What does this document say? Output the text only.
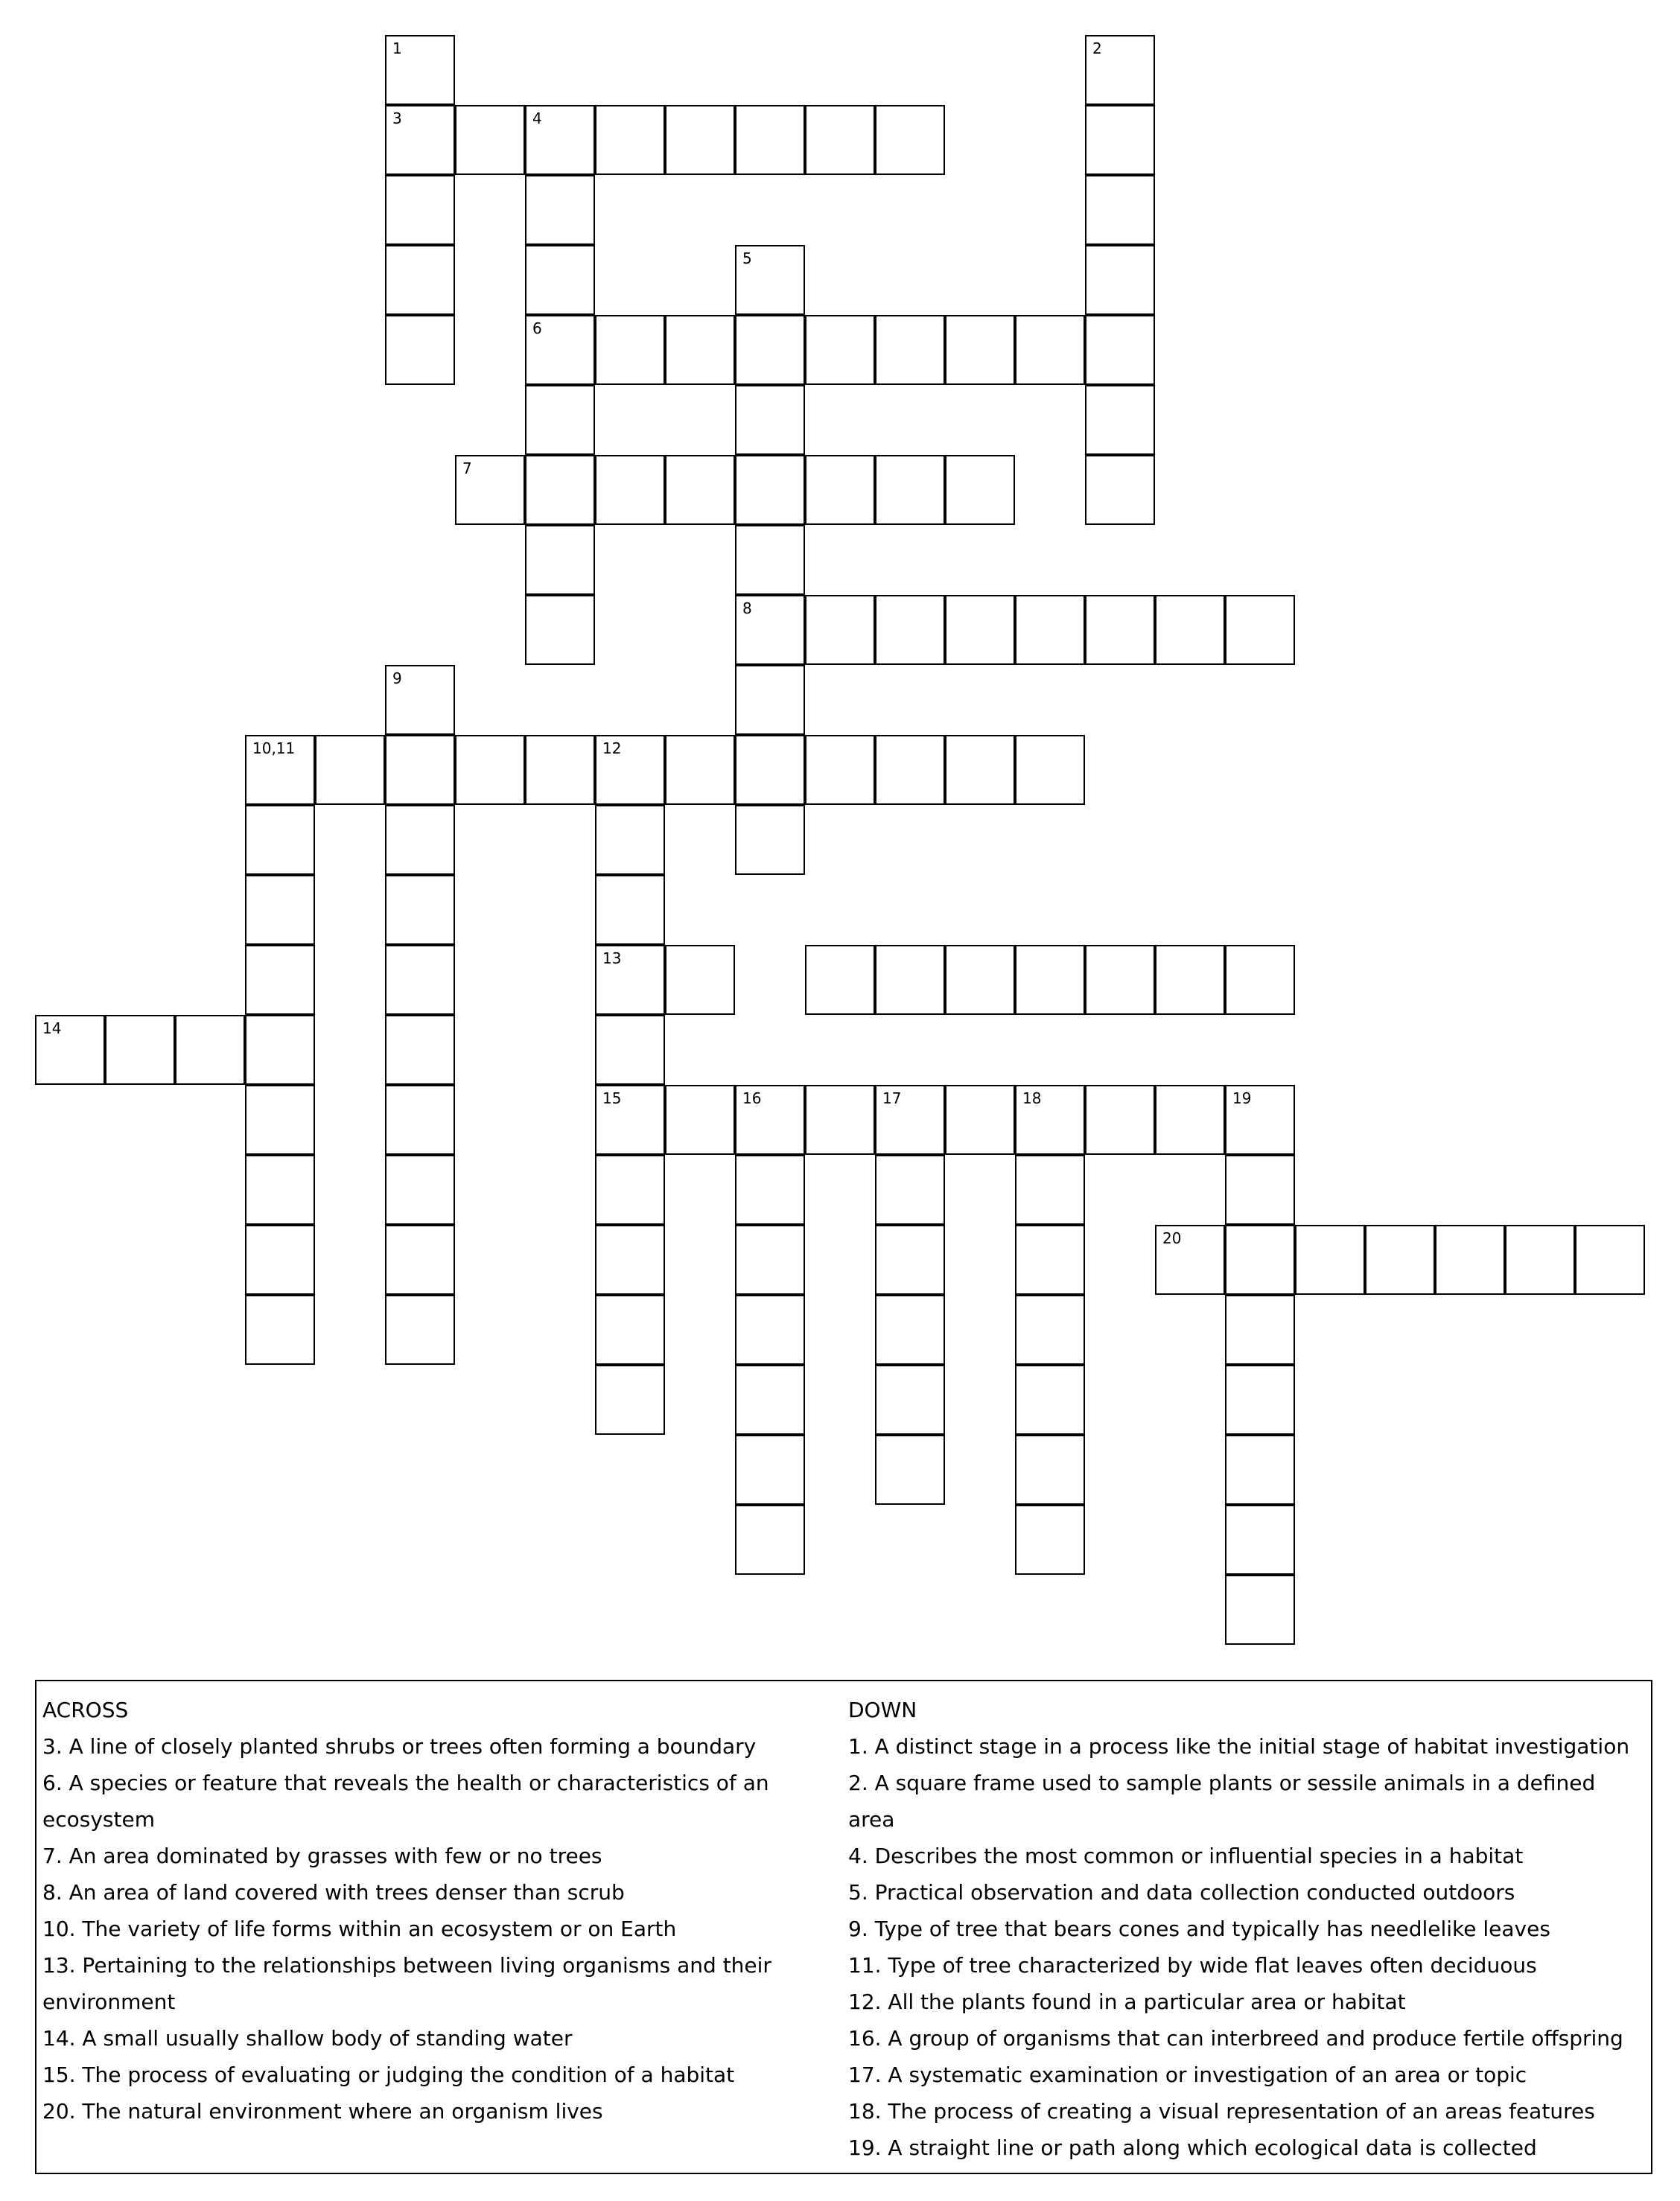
1
3
2
4
6
5
8
7
9
10,11	12
13
15
14
16	17	18	19
20
ACROSS
3. A line of closely planted shrubs or trees often forming a boundary
6. A species or feature that reveals the health or characteristics of an ecosystem
7. An area dominated by grasses with few or no trees
8. An area of land covered with trees denser than scrub
10. The variety of life forms within an ecosystem or on Earth
13. Pertaining to the relationships between living organisms and their environment
14. A small usually shallow body of standing water
15. The process of evaluating or judging the condition of a habitat
20. The natural environment where an organism lives
DOWN
1. A distinct stage in a process like the initial stage of habitat investigation
2. A square frame used to sample plants or sessile animals in a defined area
4. Describes the most common or influential species in a habitat
5. Practical observation and data collection conducted outdoors
9. Type of tree that bears cones and typically has needlelike leaves
11. Type of tree characterized by wide flat leaves often deciduous
12. All the plants found in a particular area or habitat
16. A group of organisms that can interbreed and produce fertile offspring
17. A systematic examination or investigation of an area or topic
18. The process of creating a visual representation of an areas features
19. A straight line or path along which ecological data is collected
